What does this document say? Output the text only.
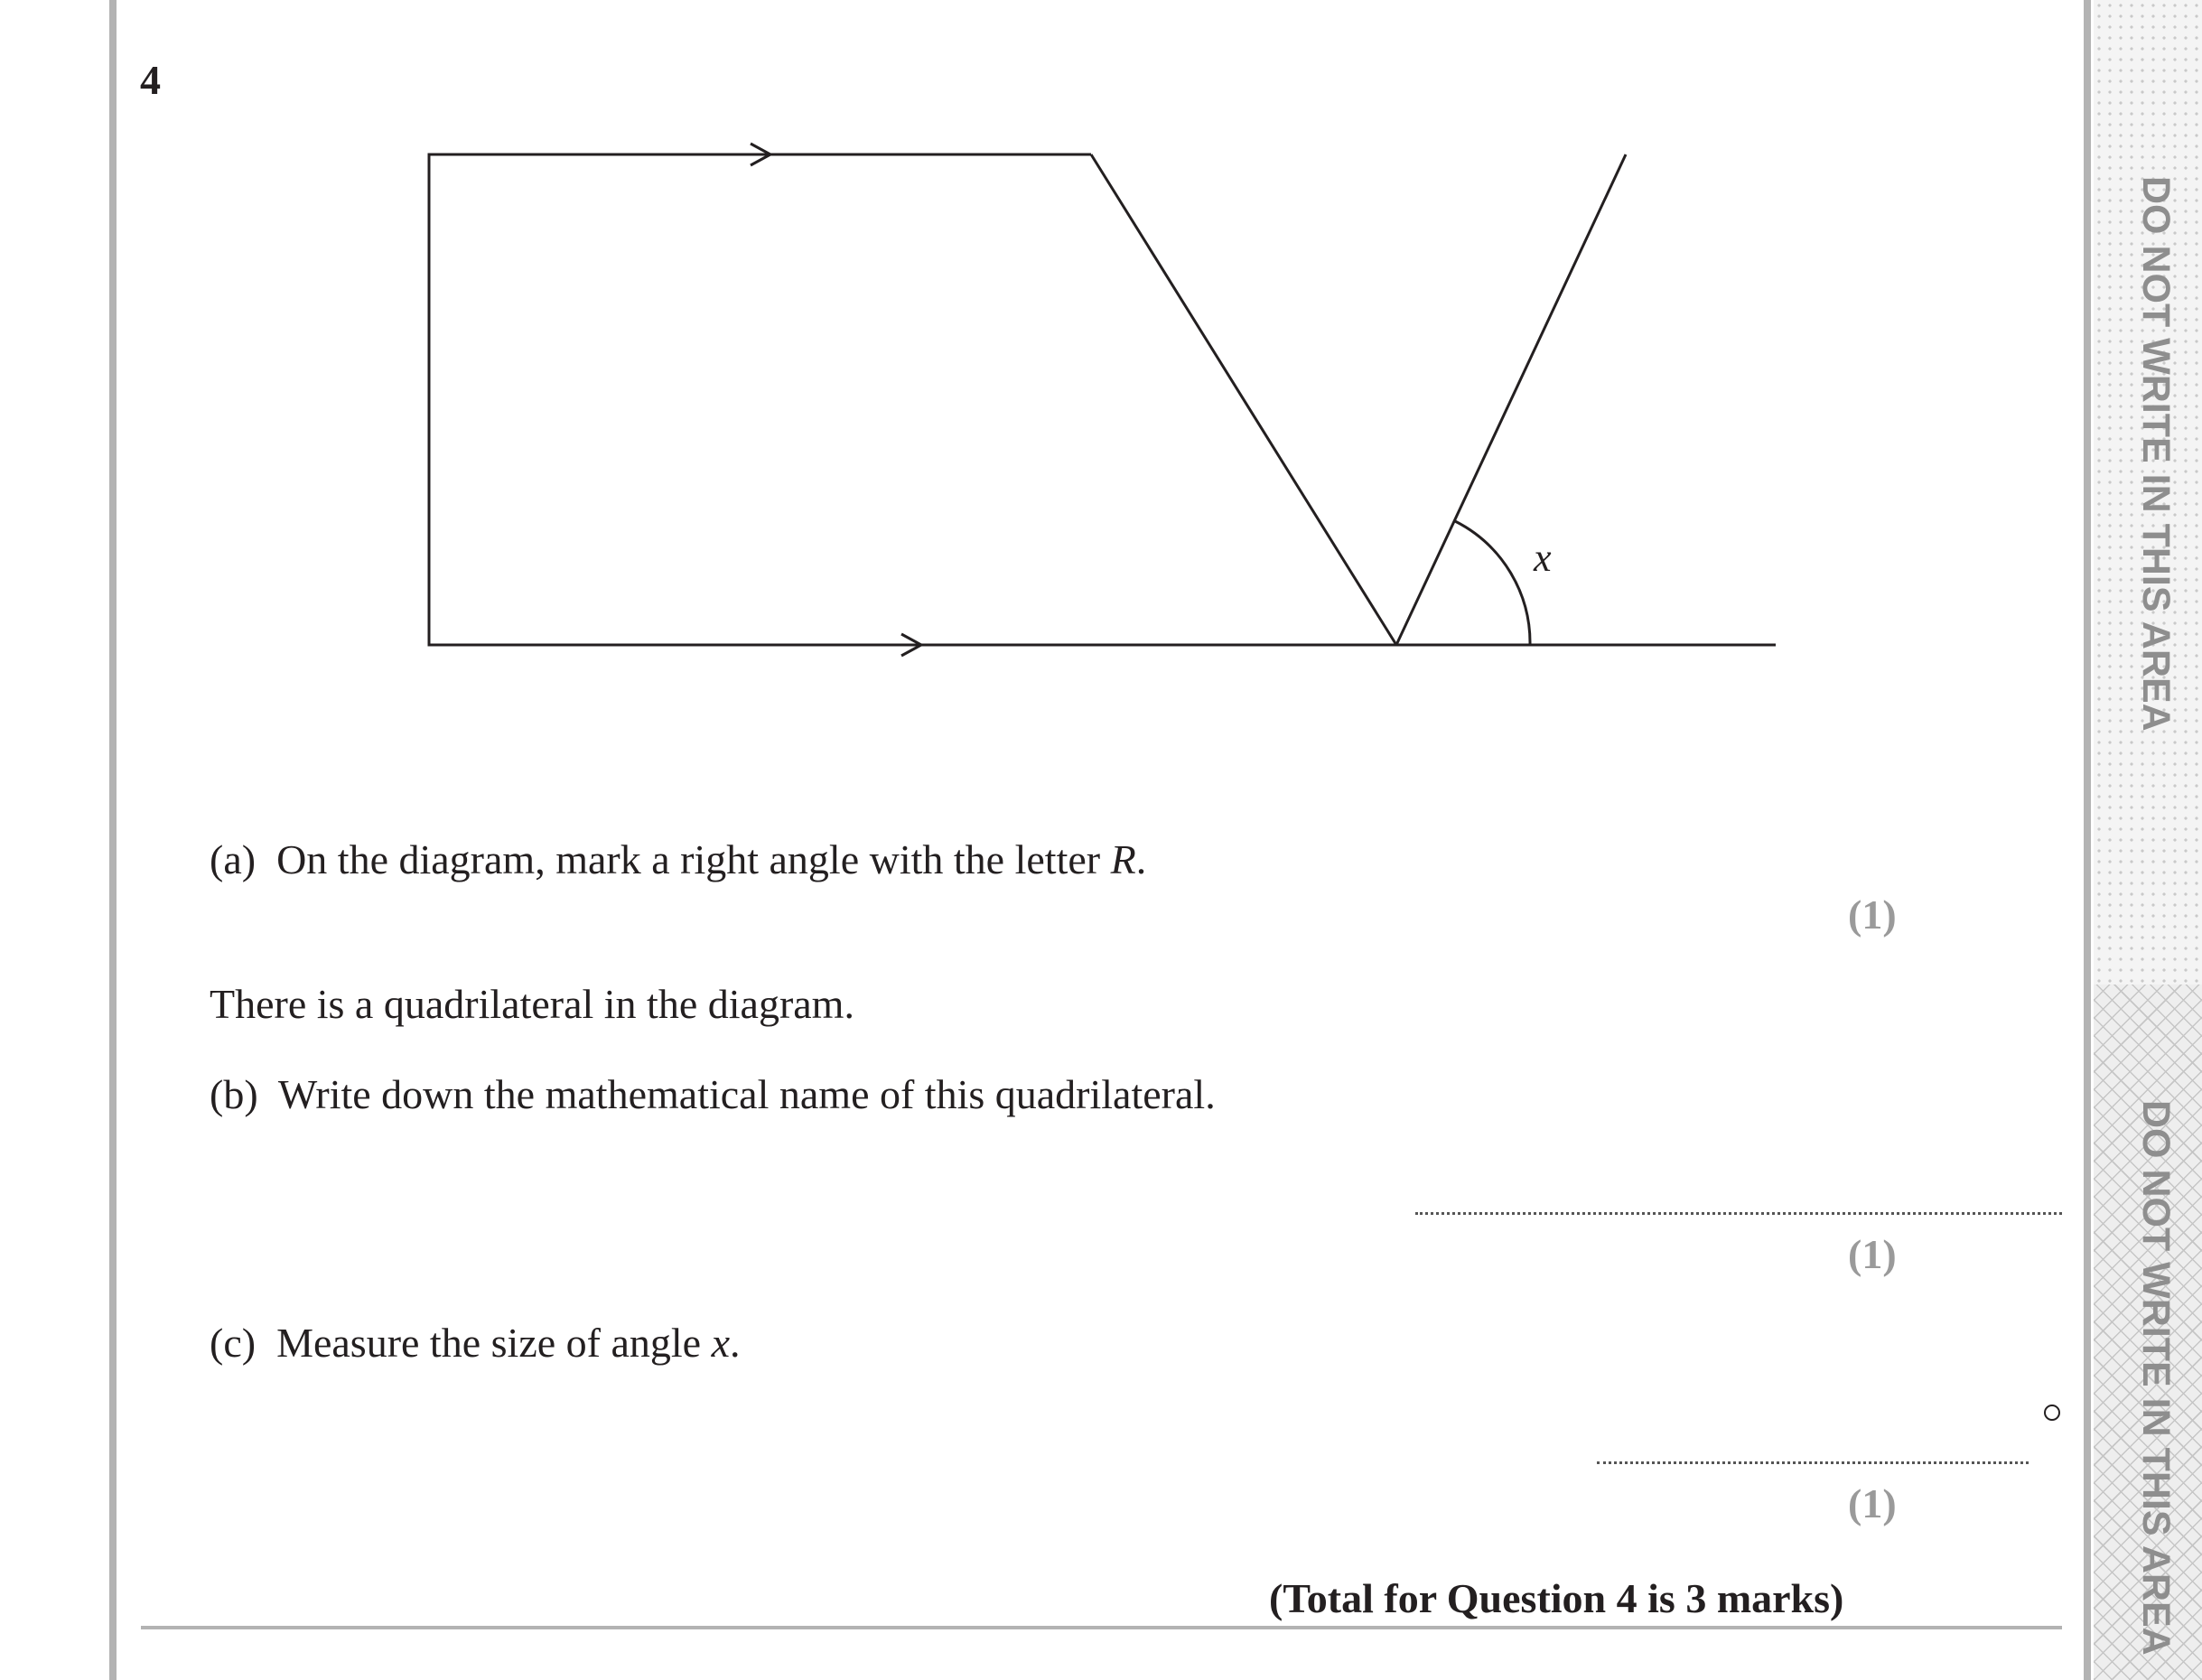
DO NOT WRITE IN THIS AREA
DO NOT WRITE IN THIS AREA
4
x
(a) On the diagram, mark a right angle with the letter R.
(1)
There is a quadrilateral in the diagram.
(b) Write down the mathematical name of this quadrilateral.
(1)
(c) Measure the size of angle x.
(1)
(Total for Question 4 is 3 marks)
